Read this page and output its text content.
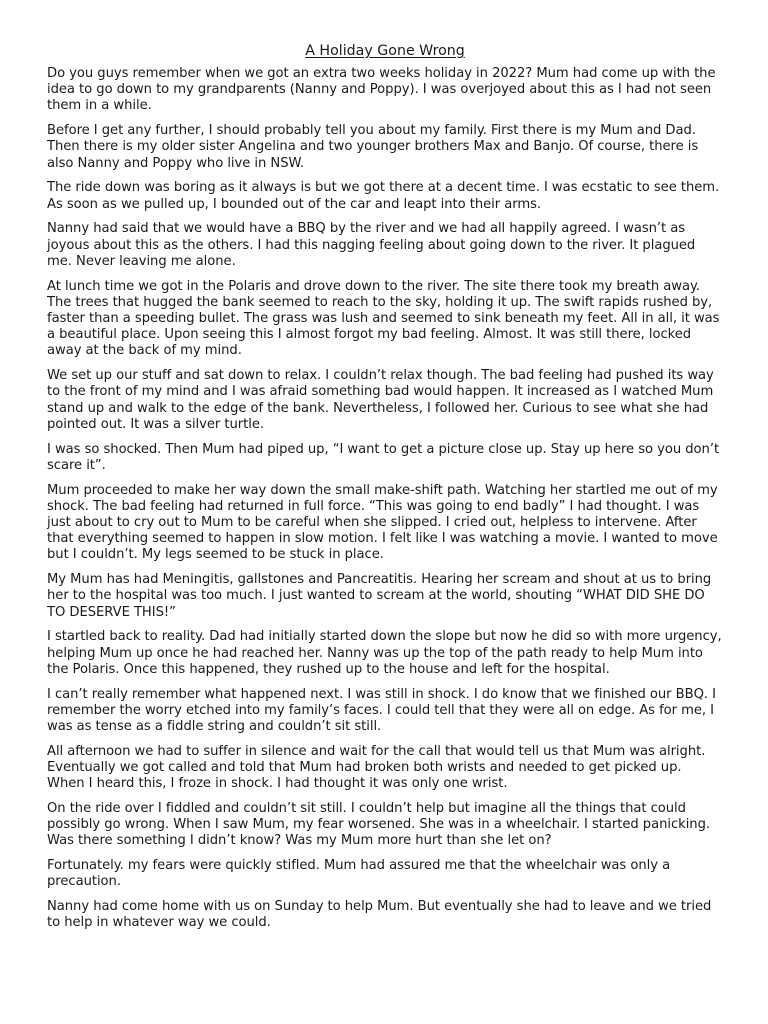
A Holiday Gone Wrong

Do you guys remember when we got an extra two weeks holiday in 2022? Mum had come up with the idea to go down to my grandparents (Nanny and Poppy). I was overjoyed about this as I had not seen them in a while.

Before I get any further, I should probably tell you about my family. First there is my Mum and Dad. Then there is my older sister Angelina and two younger brothers Max and Banjo. Of course, there is also Nanny and Poppy who live in NSW.

The ride down was boring as it always is but we got there at a decent time. I was ecstatic to see them. As soon as we pulled up, I bounded out of the car and leapt into their arms.

Nanny had said that we would have a BBQ by the river and we had all happily agreed. I wasn’t as joyous about this as the others. I had this nagging feeling about going down to the river. It plagued me. Never leaving me alone.

At lunch time we got in the Polaris and drove down to the river. The site there took my breath away. The trees that hugged the bank seemed to reach to the sky, holding it up. The swift rapids rushed by, faster than a speeding bullet. The grass was lush and seemed to sink beneath my feet. All in all, it was a beautiful place. Upon seeing this I almost forgot my bad feeling. Almost. It was still there, locked away at the back of my mind.

We set up our stuff and sat down to relax. I couldn’t relax though. The bad feeling had pushed its way to the front of my mind and I was afraid something bad would happen. It increased as I watched Mum stand up and walk to the edge of the bank. Nevertheless, I followed her. Curious to see what she had pointed out. It was a silver turtle.

I was so shocked. Then Mum had piped up, “I want to get a picture close up. Stay up here so you don’t scare it”.

Mum proceeded to make her way down the small make-shift path. Watching her startled me out of my shock. The bad feeling had returned in full force. “This was going to end badly” I had thought. I was just about to cry out to Mum to be careful when she slipped. I cried out, helpless to intervene. After that everything seemed to happen in slow motion. I felt like I was watching a movie. I wanted to move but I couldn’t. My legs seemed to be stuck in place.

My Mum has had Meningitis, gallstones and Pancreatitis. Hearing her scream and shout at us to bring her to the hospital was too much. I just wanted to scream at the world, shouting “WHAT DID SHE DO TO DESERVE THIS!”

I startled back to reality. Dad had initially started down the slope but now he did so with more urgency, helping Mum up once he had reached her. Nanny was up the top of the path ready to help Mum into the Polaris. Once this happened, they rushed up to the house and left for the hospital.

I can’t really remember what happened next. I was still in shock. I do know that we finished our BBQ. I remember the worry etched into my family’s faces. I could tell that they were all on edge. As for me, I was as tense as a fiddle string and couldn’t sit still.

All afternoon we had to suffer in silence and wait for the call that would tell us that Mum was alright. Eventually we got called and told that Mum had broken both wrists and needed to get picked up. When I heard this, I froze in shock. I had thought it was only one wrist.

On the ride over I fiddled and couldn’t sit still. I couldn’t help but imagine all the things that could possibly go wrong. When I saw Mum, my fear worsened. She was in a wheelchair. I started panicking. Was there something I didn’t know? Was my Mum more hurt than she let on?

Fortunately. my fears were quickly stifled. Mum had assured me that the wheelchair was only a precaution.

Nanny had come home with us on Sunday to help Mum. But eventually she had to leave and we tried to help in whatever way we could.
